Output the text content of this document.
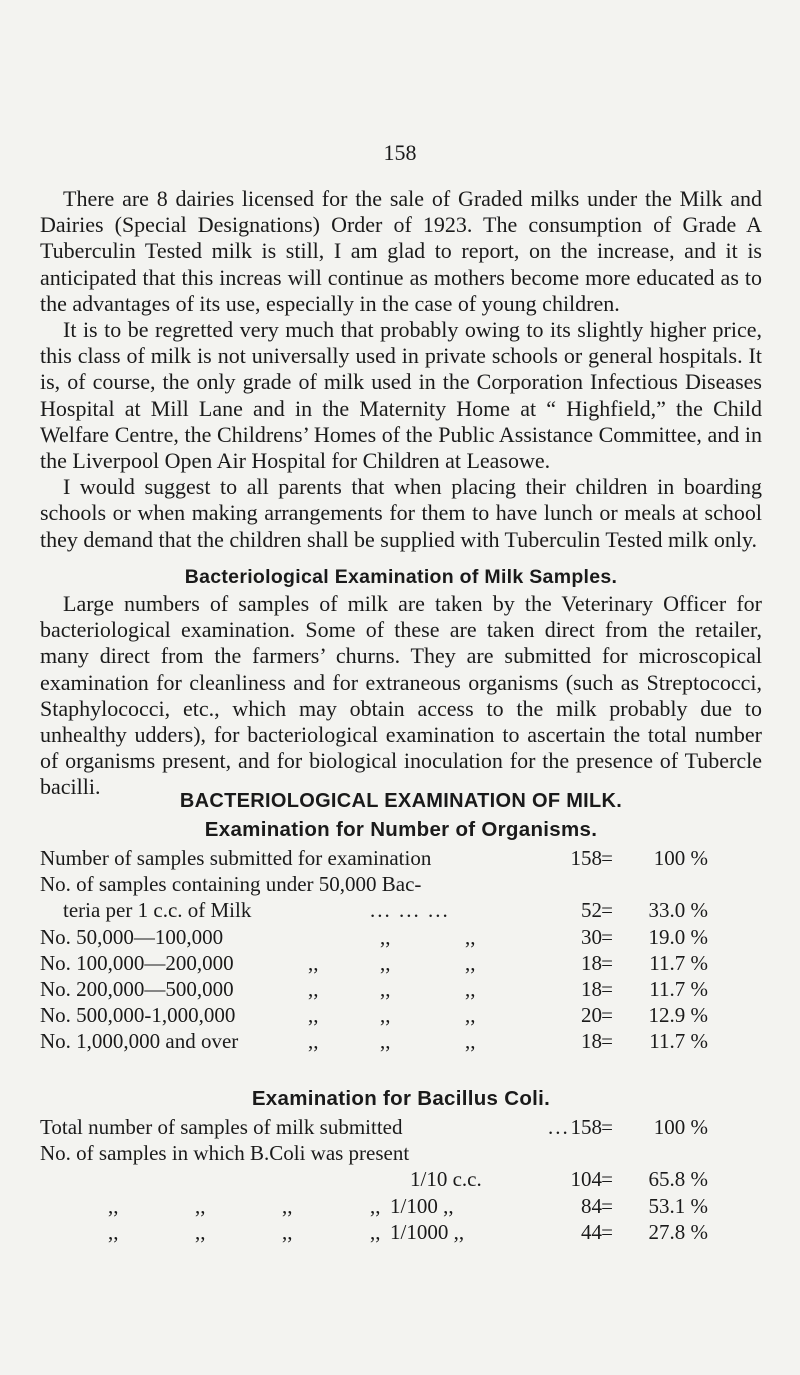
158

There are 8 dairies licensed for the sale of Graded milks under the Milk and Dairies (Special Designations) Order of 1923. The consumption of Grade A Tuberculin Tested milk is still, I am glad to report, on the increase, and it is anticipated that this increas will continue as mothers become more educated as to the advantages of its use, especially in the case of young children.

It is to be regretted very much that probably owing to its slightly higher price, this class of milk is not universally used in private schools or general hospitals. It is, of course, the only grade of milk used in the Corporation Infectious Diseases Hospital at Mill Lane and in the Maternity Home at “ Highfield,” the Child Welfare Centre, the Childrens’ Homes of the Public Assistance Committee, and in the Liverpool Open Air Hospital for Children at Leasowe.

I would suggest to all parents that when placing their children in boarding schools or when making arrangements for them to have lunch or meals at school they demand that the children shall be supplied with Tuberculin Tested milk only.

Bacteriological Examination of Milk Samples.

Large numbers of samples of milk are taken by the Veterinary Officer for bacteriological examination. Some of these are taken direct from the retailer, many direct from the farmers’ churns. They are submitted for microscopical examination for cleanliness and for extraneous organisms (such as Streptococci, Staphylococci, etc., which may obtain access to the milk probably due to unhealthy udders), for bacteriological examination to ascertain the total number of organisms present, and for biological inoculation for the presence of Tubercle bacilli.

BACTERIOLOGICAL EXAMINATION OF MILK.
Examination for Number of Organisms.
Number of samples submitted for examination	158 =	100 %
No. of samples containing under 50,000 Bac-
teria per 1 c.c. of Milk	... ... ...	52 =	33.0 %
No. 50,000—100,000	,,	,,	30 =	19.0 %
No. 100,000—200,000	,,	,,	,,	18 =	11.7 %
No. 200,000—500,000	,,	,,	,,	18 =	11.7 %
No. 500,000-1,000,000	,,	,,	,,	20 =	12.9 %
No. 1,000,000 and over	,,	,,	,,	18 =	11.7 %
Examination for Bacillus Coli.
Total number of samples of milk submitted	... 158 =	100 %
No. of samples in which B.Coli was present
1/10 c.c.	104 =	65.8 %
,,	,,	,,	,, 1/100 ,,	84 =	53.1 %
,,	,,	,,	,, 1/1000 ,,	44 =	27.8 %
